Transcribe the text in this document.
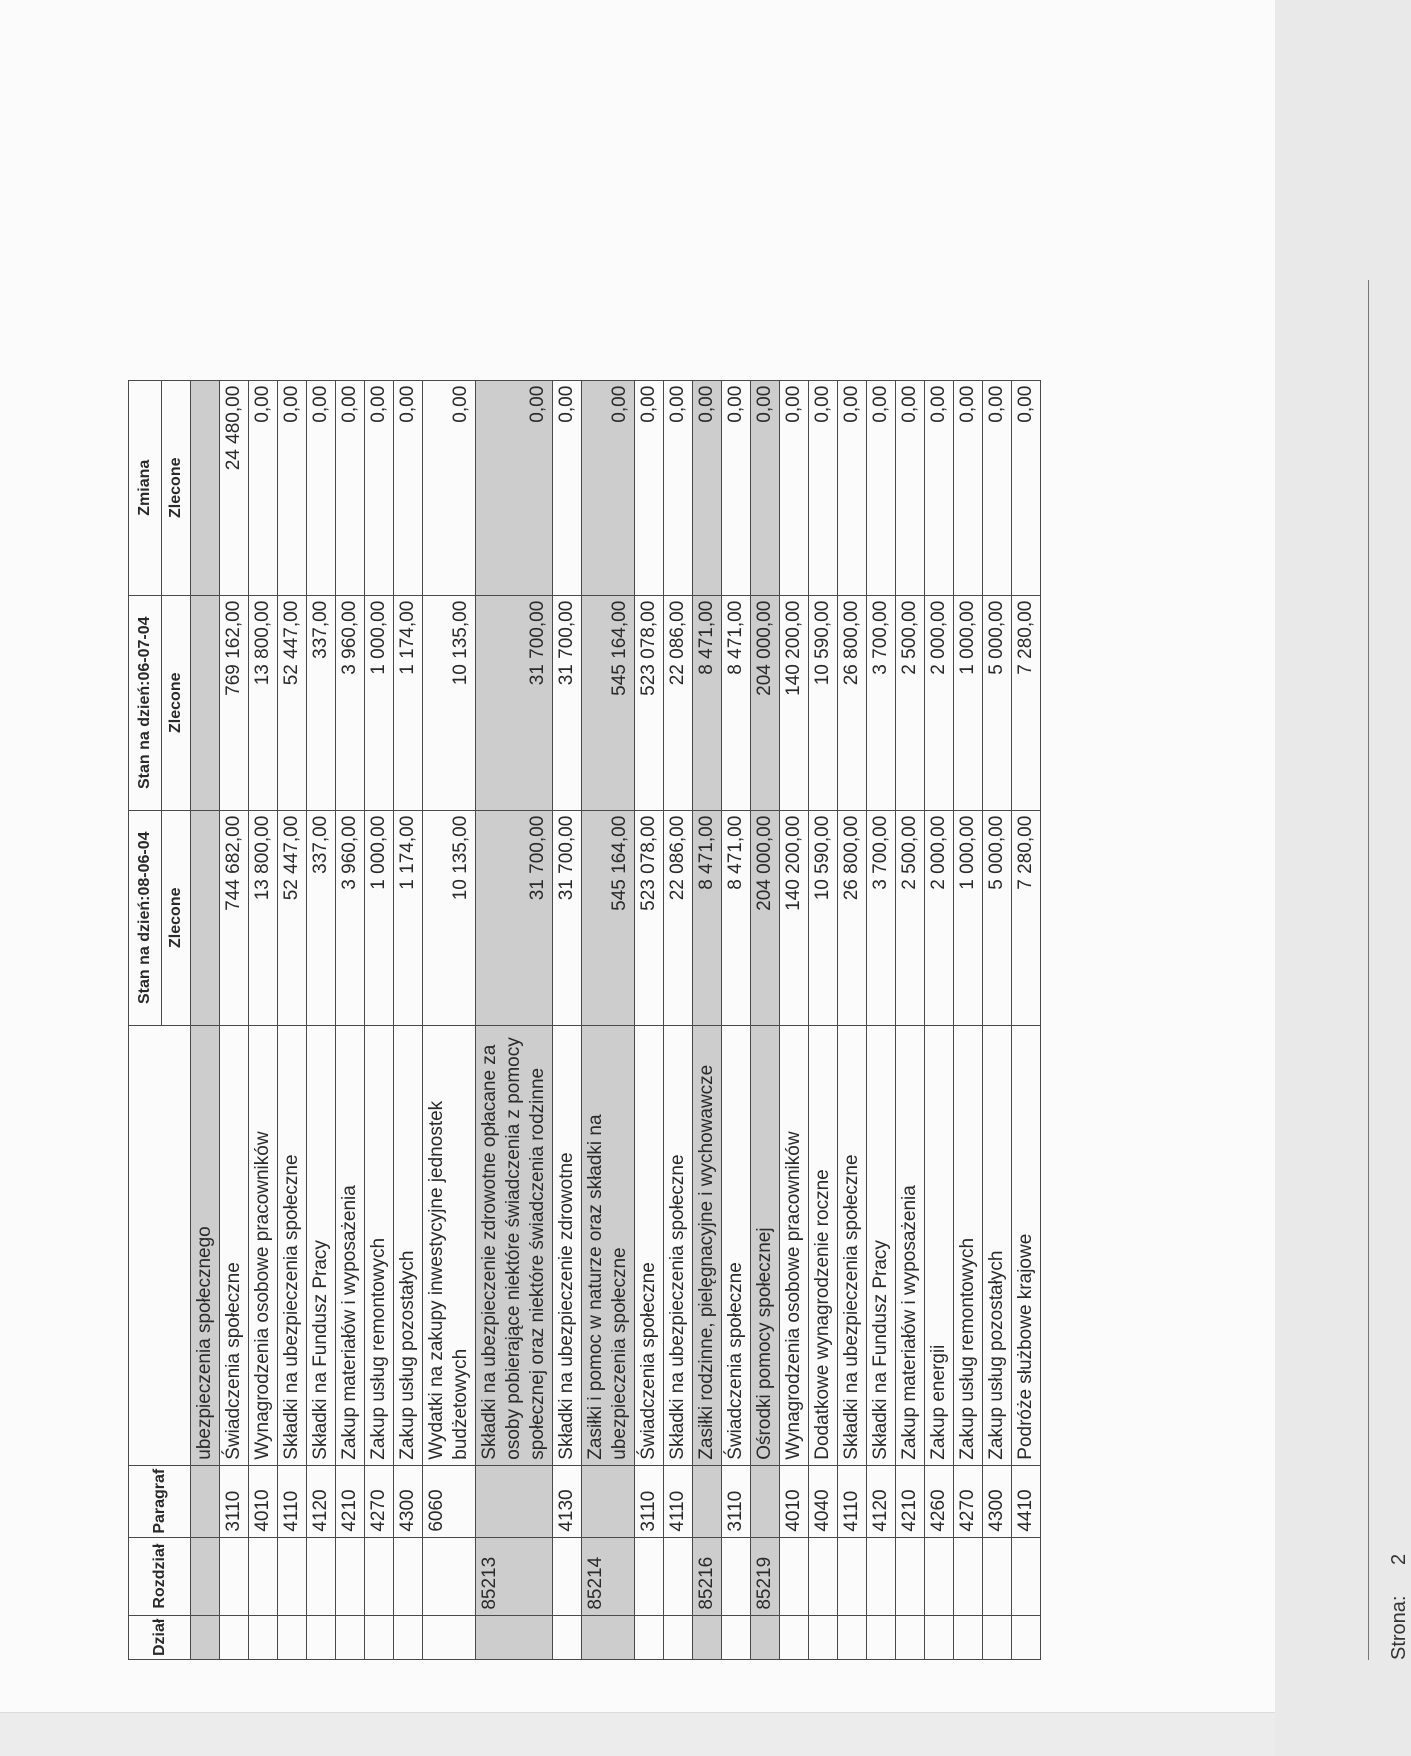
Dział	Rozdział	Paragraf		Stan na dzień:08-06-04	Stan na dzień:06-07-04	Zmiana
				Zlecone	Zlecone	Zlecone
			ubezpieczenia społecznego			
		3110	Świadczenia społeczne	744 682,00	769 162,00	24 480,00
		4010	Wynagrodzenia osobowe pracowników	13 800,00	13 800,00	0,00
		4110	Składki na ubezpieczenia społeczne	52 447,00	52 447,00	0,00
		4120	Składki na Fundusz Pracy	337,00	337,00	0,00
		4210	Zakup materiałów i wyposażenia	3 960,00	3 960,00	0,00
		4270	Zakup usług remontowych	1 000,00	1 000,00	0,00
		4300	Zakup usług pozostałych	1 174,00	1 174,00	0,00
		6060	Wydatki na zakupy inwestycyjne jednostek budżetowych	10 135,00	10 135,00	0,00
	85213		Składki na ubezpieczenie zdrowotne opłacane za osoby pobierające niektóre świadczenia z pomocy społecznej oraz niektóre świadczenia rodzinne	31 700,00	31 700,00	0,00
		4130	Składki na ubezpieczenie zdrowotne	31 700,00	31 700,00	0,00
	85214		Zasiłki i pomoc w naturze oraz składki na ubezpieczenia społeczne	545 164,00	545 164,00	0,00
		3110	Świadczenia społeczne	523 078,00	523 078,00	0,00
		4110	Składki na ubezpieczenia społeczne	22 086,00	22 086,00	0,00
	85216		Zasiłki rodzinne, pielęgnacyjne i wychowawcze	8 471,00	8 471,00	0,00
		3110	Świadczenia społeczne	8 471,00	8 471,00	0,00
	85219		Ośrodki pomocy społecznej	204 000,00	204 000,00	0,00
		4010	Wynagrodzenia osobowe pracowników	140 200,00	140 200,00	0,00
		4040	Dodatkowe wynagrodzenie roczne	10 590,00	10 590,00	0,00
		4110	Składki na ubezpieczenia społeczne	26 800,00	26 800,00	0,00
		4120	Składki na Fundusz Pracy	3 700,00	3 700,00	0,00
		4210	Zakup materiałów i wyposażenia	2 500,00	2 500,00	0,00
		4260	Zakup energii	2 000,00	2 000,00	0,00
		4270	Zakup usług remontowych	1 000,00	1 000,00	0,00
		4300	Zakup usług pozostałych	5 000,00	5 000,00	0,00
		4410	Podróże służbowe krajowe	7 280,00	7 280,00	0,00
Strona:
2
